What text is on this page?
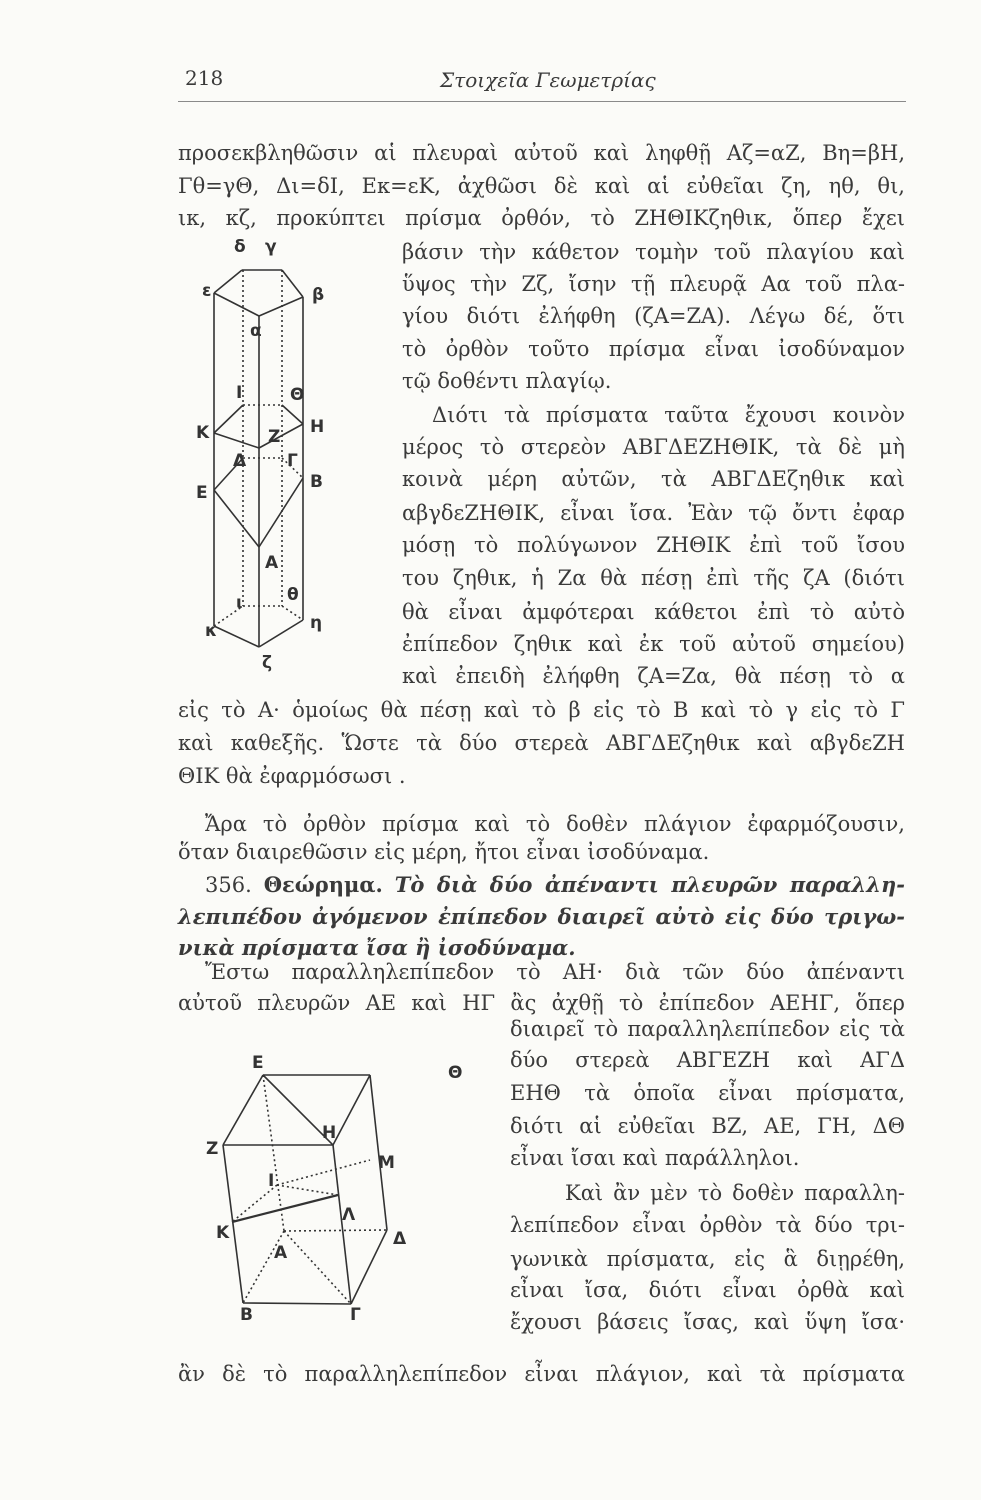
218	Στοιχεῖα Γεωμετρίας
προσεκβληθῶσιν αἱ πλευραὶ αὐτοῦ καὶ ληφθῇ Αζ=αΖ, Βη=βΗ,
Γθ=γΘ, Δι=δΙ, Εκ=εΚ, ἀχθῶσι δὲ καὶ αἱ εὐθεῖαι ζη, ηθ, θι,
ικ, κζ, προκύπτει πρίσμα ὀρθόν, τὸ ΖΗΘΙΚζηθικ, ὅπερ ἔχει
βάσιν τὴν κάθετον τομὴν τοῦ πλαγίου καὶ
ὕψος τὴν Ζζ, ἴσην τῇ πλευρᾷ Αα τοῦ πλα-
γίου διότι ἐλήφθη (ζΑ=ΖΑ). Λέγω δέ, ὅτι
τὸ ὀρθὸν τοῦτο πρίσμα εἶναι ἰσοδύναμον
τῷ δοθέντι πλαγίῳ.
Διότι τὰ πρίσματα ταῦτα ἔχουσι κοινὸν
μέρος τὸ στερεὸν ΑΒΓΔΕΖΗΘΙΚ, τὰ δὲ μὴ
κοινὰ μέρη αὐτῶν, τὰ ΑΒΓΔΕζηθικ καὶ
αβγδεΖΗΘΙΚ, εἶναι ἴσα. Ἐὰν τῷ ὄντι ἐφαρ
μόσῃ τὸ πολύγωνον ΖΗΘΙΚ ἐπὶ τοῦ ἴσου
του ζηθικ, ἡ Ζα θὰ πέσῃ ἐπὶ τῆς ζΑ (διότι
θὰ εἶναι ἀμφότεραι κάθετοι ἐπὶ τὸ αὐτὸ
ἐπίπεδον ζηθικ καὶ ἐκ τοῦ αὐτοῦ σημείου)
καὶ ἐπειδὴ ἐλήφθη ζΑ=Ζα, θὰ πέσῃ τὸ α
εἰς τὸ Α· ὁμοίως θὰ πέσῃ καὶ τὸ β εἰς τὸ Β καὶ τὸ γ εἰς τὸ Γ
καὶ καθεξῆς. Ὥστε τὰ δύο στερεὰ ΑΒΓΔΕζηθικ καὶ αβγδεΖΗ
ΘΙΚ θὰ ἐφαρμόσωσι .
Ἄρα τὸ ὀρθὸν πρίσμα καὶ τὸ δοθὲν πλάγιον ἐφαρμόζουσιν,
ὅταν διαιρεθῶσιν εἰς μέρη, ἤτοι εἶναι ἰσοδύναμα.
356. Θεώρημα. Τὸ διὰ δύο ἀπέναντι πλευρῶν παραλλη-
λεπιπέδου ἀγόμενον ἐπίπεδον διαιρεῖ αὐτὸ εἰς δύο τριγω-
νικὰ πρίσματα ἴσα ἢ ἰσοδύναμα.
Ἔστω παραλληλεπίπεδον τὸ ΑΗ· διὰ τῶν δύο ἀπέναντι
αὐτοῦ πλευρῶν ΑΕ καὶ ΗΓ ἂς ἀχθῇ τὸ ἐπίπεδον ΑΕΗΓ, ὅπερ
διαιρεῖ τὸ παραλληλεπίπεδον εἰς τὰ
δύο στερεὰ ΑΒΓΕΖΗ καὶ ΑΓΔ
ΕΗΘ τὰ ὁποῖα εἶναι πρίσματα,
διότι αἱ εὐθεῖαι ΒΖ, ΑΕ, ΓΗ, ΔΘ
εἶναι ἴσαι καὶ παράλληλοι.
Καὶ ἂν μὲν τὸ δοθὲν παραλλη-
λεπίπεδον εἶναι ὀρθὸν τὰ δύο τρι-
γωνικὰ πρίσματα, εἰς ἃ διῃρέθη,
εἶναι ἴσα, διότι εἶναι ὀρθὰ καὶ
ἔχουσι βάσεις ἴσας, καὶ ὕψη ἴσα·
ἂν δὲ τὸ παραλληλεπίπεδον εἶναι πλάγιον, καὶ τὰ πρίσματα
δ γ
ε	β
α
Ι	Θ
Κ	Η
Ζ
Δ Γ
Ε
Β
Α
ι	θ
κ	η
ζ
Ε	Θ
Η
Ζ
Μ
Ι
Λ
Κ	Δ
Α
Β	Γ
